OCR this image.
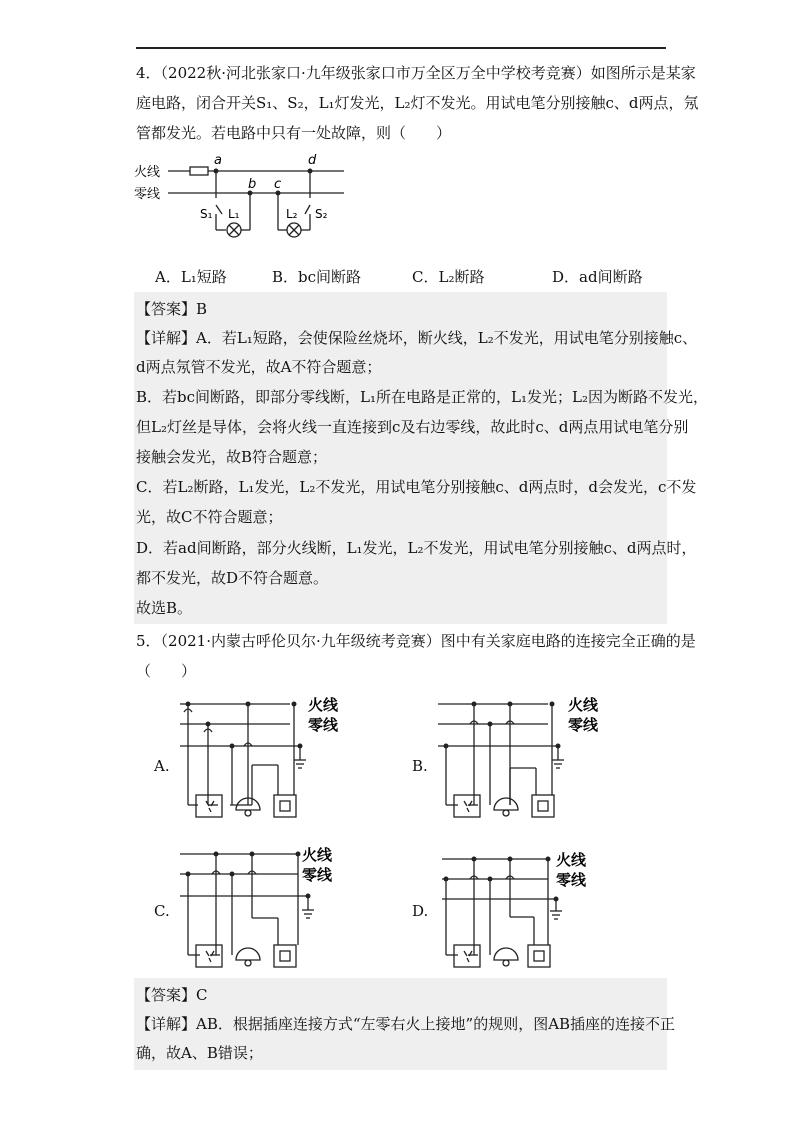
4．（2022秋·河北张家口·九年级张家口市万全区万全中学校考竞赛）如图所示是某家

庭电路，闭合开关S₁、S₂，L₁灯发光，L₂灯不发光。用试电笔分别接触c、d两点，氖

管都发光。若电路中只有一处故障，则（　　）

火线
零线
a	d
b c
S₁ L₁	L₂ S₂
A．L₁短路	B．bc间断路	C．L₂断路	D．ad间断路
【答案】B
【详解】A．若L₁短路，会使保险丝烧坏，断火线，L₂不发光，用试电笔分别接触c、
d两点氖管不发光，故A不符合题意；
B．若bc间断路，即部分零线断，L₁所在电路是正常的，L₁发光；L₂因为断路不发光，
但L₂灯丝是导体，会将火线一直连接到c及右边零线，故此时c、d两点用试电笔分别
接触会发光，故B符合题意；
C．若L₂断路，L₁发光，L₂不发光，用试电笔分别接触c、d两点时，d会发光，c不发
光，故C不符合题意；
D．若ad间断路，部分火线断，L₁发光，L₂不发光，用试电笔分别接触c、d两点时，
都不发光，故D不符合题意。
故选B。

5．（2021·内蒙古呼伦贝尔·九年级统考竞赛）图中有关家庭电路的连接完全正确的是

（　　）

A.	B.
C.	D.
火线
零线
火线
零线
火线
零线
火线
零线
【答案】C
【详解】AB．根据插座连接方式“左零右火上接地”的规则，图AB插座的连接不正
确，故A、B错误；
